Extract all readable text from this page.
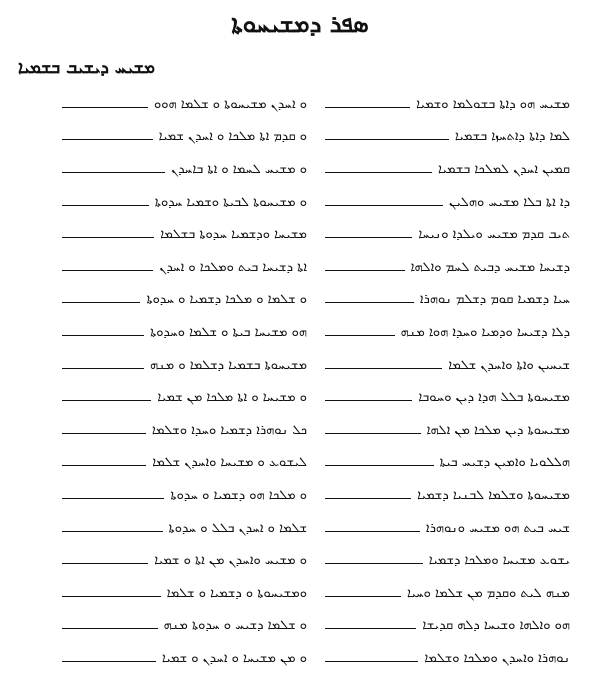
ܣܦܪ ܕܡܫܝܚܘܬܐ
ܡܫܝܚ ܕܝܫܝܒ ܒܫܡܝܐ
ܡܫܝܚ ܗܘ ܕܐܬܐ ܒܫܘܠܡܐ ܘܫܡܝܐ
ܠܡܐ ܕܐܬܐ ܕܐܬܚܙܐ ܒܫܡܝܐ
ܩܡܝܢ ܐܚܕܢ ܠܡܠܟܐ ܒܫܡܝܐ
ܕܐ ܐܬܐ ܒܠܐ ܡܫܝܚ ܘܗܠܝܢ
ܬܝܒ ܩܕܡ ܡܫܝܚ ܘܝܠܕܐ ܘܢܝܚܐ
ܕܫܝܚܐ ܡܫܝܚ ܕܒܝܬ ܠܚܡ ܘܐܠܗܐ
ܚܝܐ ܕܫܡܝܐ ܩܘܡ ܕܫܠܡ ܢܘܗܪܐ
ܕܠܐ ܕܫܝܚܐ ܘܕܡܝܐ ܘܚܕܐ ܗܘܐ ܡܢܗ
ܫܝܚܝܢ ܘܐܬܐ ܘܐܚܕܢ ܫܠܡܐ
ܡܫܝܚܘܬܐ ܒܠܠ ܗܕܐ ܕܝܢ ܘܚܘܒܐ
ܡܫܝܚܘܬܐ ܕܝܢ ܡܠܟܐ ܡܢ ܐܠܗܐ
ܗܠܠܘܝܐ ܘܐܡܝܢ ܕܫܝܚ ܒܝܬܐ
ܡܫܝܚܘܬܐ ܘܫܠܡܐ ܠܒܢܝܐ ܕܫܡܝܐ
ܫܝܚ ܒܝܬ ܗܘ ܡܫܝܚ ܘܢܘܗܪܐ
ܝܫܘܥ ܡܫܝܚܐ ܘܡܠܟܐ ܕܫܡܝܐ
ܡܢܗ ܠܝܬ ܘܩܕܡ ܡܢ ܫܠܡܐ ܘܚܝܐ
ܗܘ ܘܐܠܗܐ ܘܫܝܚܐ ܕܠܗ ܩܕܝܫܐ
ܢܘܗܪܐ ܘܐܚܕܢ ܘܡܠܟܐ ܘܫܠܡܐ
ܘ ܐܚܕܢ ܡܫܝܚܘܬܐ ܘ ܫܠܡܐ ܗܘܘ
ܘ ܩܕܡ ܐܬܐ ܡܠܟܐ ܘ ܐܚܕܢ ܫܡܝܐ
ܘ ܡܫܝܚ ܠܚܡܐ ܘ ܐܬܐ ܒܐܚܕܢ
ܘ ܡܫܝܚܘܬܐ ܠܒܝܬܐ ܘܫܡܝܐ ܚܕܘܬܐ
ܡܫܝܚܐ ܘܕܫܡܝܐ ܚܕܘܬܐ ܒܫܠܡܐ
ܐܬܐ ܕܫܝܚܐ ܒܝܬ ܘܡܠܟܐ ܘ ܐܚܕܢ
ܘ ܫܠܡܐ ܘ ܡܠܟܐ ܕܫܡܝܐ ܘ ܚܕܘܬܐ
ܗܘ ܡܫܝܚܐ ܒܝܬܐ ܘ ܫܠܡܐ ܘܚܕܘܬܐ
ܡܫܝܚܘܬܐ ܒܫܡܝܐ ܕܫܠܡܐ ܘ ܡܢܗ
ܘ ܡܫܝܚܐ ܘ ܐܬܐ ܡܠܟܐ ܡܢ ܫܡܝܐ
ܟܠ ܢܘܗܪܐ ܕܫܡܝܐ ܘܚܕܐ ܘܫܠܡܐ
ܠܝܫܘܥ ܘ ܡܫܝܚܐ ܘܐܚܕܢ ܫܠܡܐ
ܘ ܡܠܟܐ ܗܘ ܕܫܡܝܐ ܘ ܚܕܘܬܐ
ܫܠܡܐ ܘ ܐܚܕܢ ܒܠܠ ܘ ܚܕܘܬܐ
ܘ ܡܫܝܚ ܘܐܚܕܢ ܡܢ ܐܬܐ ܘ ܫܡܝܐ
ܘܡܫܝܚܘܬܐ ܘ ܕܫܡܝܐ ܘ ܫܠܡܐ
ܘ ܫܠܡܐ ܕܫܝܚ ܘ ܚܕܘܬܐ ܡܢܗ
ܘ ܡܢ ܡܫܝܚܐ ܘ ܐܚܕܢ ܘ ܫܡܝܐ
